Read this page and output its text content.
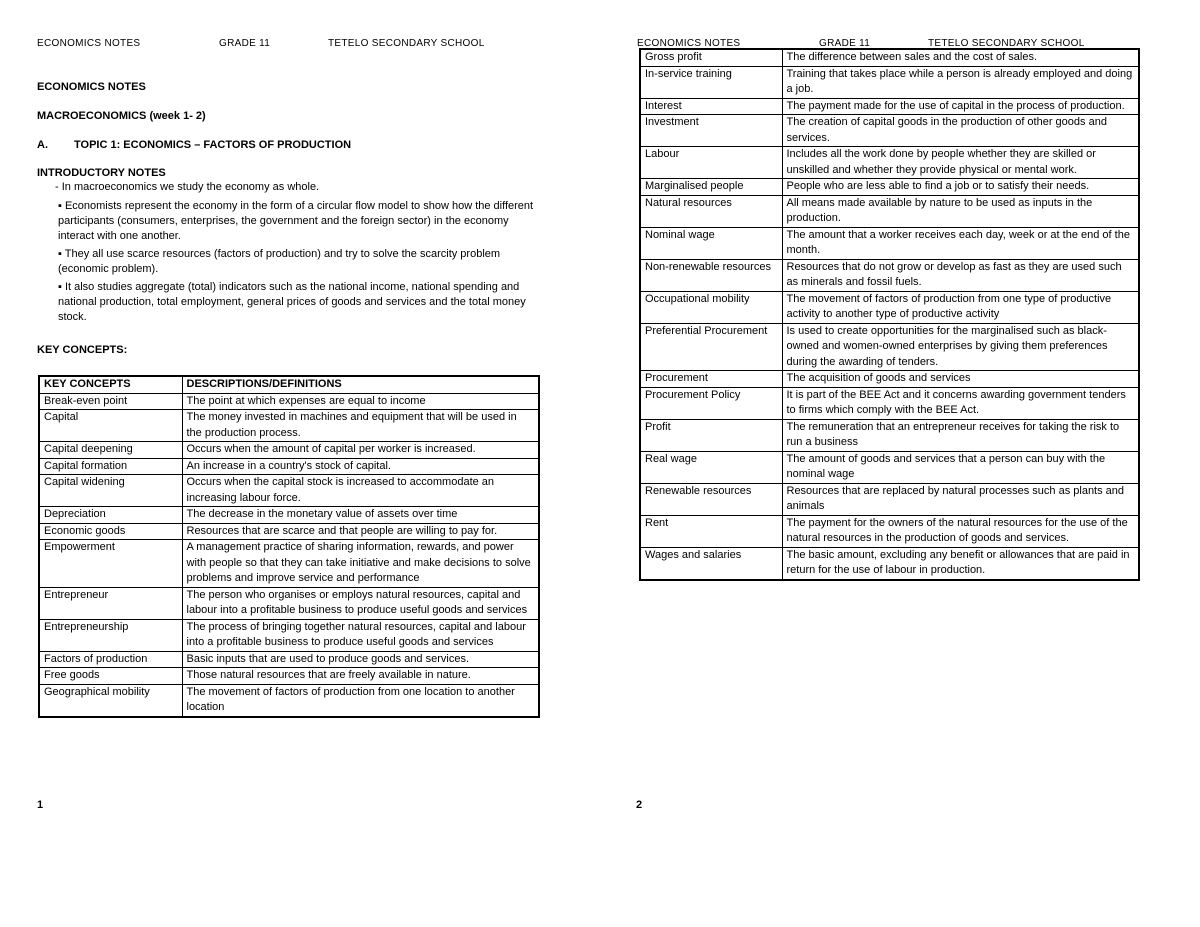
ECONOMICS NOTES	GRADE 11	TETELO SECONDARY SCHOOL
ECONOMICS NOTES
MACROECONOMICS (week 1- 2)
A. TOPIC 1: ECONOMICS – FACTORS OF PRODUCTION
INTRODUCTORY NOTES
- In macroeconomics we study the economy as whole.
▪ Economists represent the economy in the form of a circular flow model to show how the different participants (consumers, enterprises, the government and the foreign sector) in the economy interact with one another.
▪ They all use scarce resources (factors of production) and try to solve the scarcity problem (economic problem).
▪ It also studies aggregate (total) indicators such as the national income, national spending and national production, total employment, general prices of goods and services and the total money stock.
KEY CONCEPTS:
KEY CONCEPTS	DESCRIPTIONS/DEFINITIONS
Break-even point	The point at which expenses are equal to income
Capital	The money invested in machines and equipment that will be used in the production process.
Capital deepening	Occurs when the amount of capital per worker is increased.
Capital formation	An increase in a country's stock of capital.
Capital widening	Occurs when the capital stock is increased to accommodate an increasing labour force.
Depreciation	The decrease in the monetary value of assets over time
Economic goods	Resources that are scarce and that people are willing to pay for.
Empowerment	A management practice of sharing information, rewards, and power with people so that they can take initiative and make decisions to solve problems and improve service and performance
Entrepreneur	The person who organises or employs natural resources, capital and labour into a profitable business to produce useful goods and services
Entrepreneurship	The process of bringing together natural resources, capital and labour into a profitable business to produce useful goods and services
Factors of production	Basic inputs that are used to produce goods and services.
Free goods	Those natural resources that are freely available in nature.
Geographical mobility	The movement of factors of production from one location to another location
1
ECONOMICS NOTES	GRADE 11	TETELO SECONDARY SCHOOL
Gross profit	The difference between sales and the cost of sales.
In-service training	Training that takes place while a person is already employed and doing a job.
Interest	The payment made for the use of capital in the process of production.
Investment	The creation of capital goods in the production of other goods and services.
Labour	Includes all the work done by people whether they are skilled or unskilled and whether they provide physical or mental work.
Marginalised people	People who are less able to find a job or to satisfy their needs.
Natural resources	All means made available by nature to be used as inputs in the production.
Nominal wage	The amount that a worker receives each day, week or at the end of the month.
Non-renewable resources	Resources that do not grow or develop as fast as they are used such as minerals and fossil fuels.
Occupational mobility	The movement of factors of production from one type of productive activity to another type of productive activity
Preferential Procurement	Is used to create opportunities for the marginalised such as black-owned and women-owned enterprises by giving them preferences during the awarding of tenders.
Procurement	The acquisition of goods and services
Procurement Policy	It is part of the BEE Act and it concerns awarding government tenders to firms which comply with the BEE Act.
Profit	The remuneration that an entrepreneur receives for taking the risk to run a business
Real wage	The amount of goods and services that a person can buy with the nominal wage
Renewable resources	Resources that are replaced by natural processes such as plants and animals
Rent	The payment for the owners of the natural resources for the use of the natural resources in the production of goods and services.
Wages and salaries	The basic amount, excluding any benefit or allowances that are paid in return for the use of labour in production.
2
